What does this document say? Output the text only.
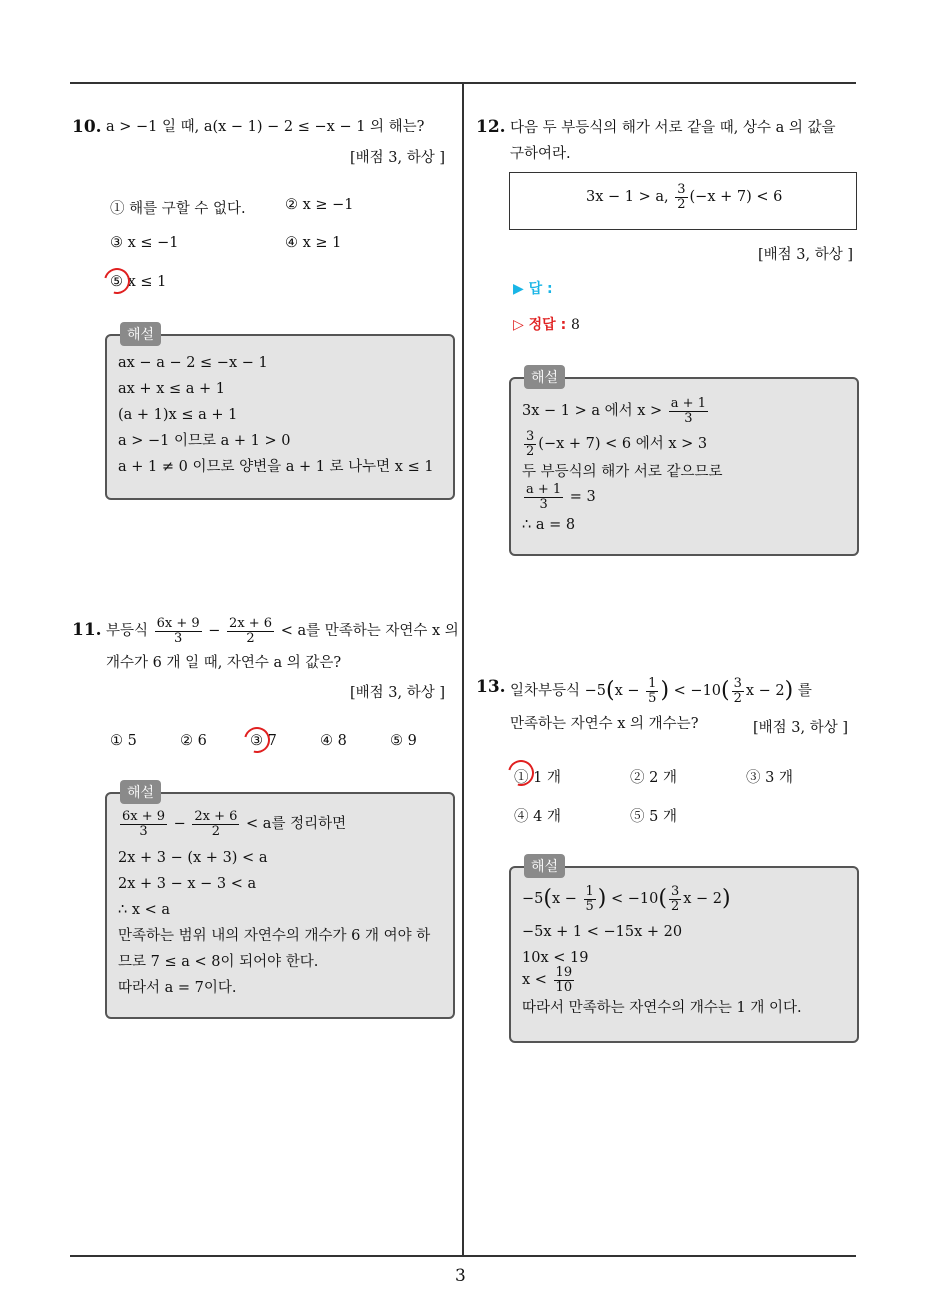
3
10. a > −1 일 때, a(x − 1) − 2 ≤ −x − 1 의 해는?
[배점 3, 하상 ]
① 해를 구할 수 없다.	② x ≥ −1
③ x ≤ −1	④ x ≥ 1
⑤ x ≤ 1
해설
ax − a − 2 ≤ −x − 1
ax + x ≤ a + 1
(a + 1)x ≤ a + 1
a > −1 이므로 a + 1 > 0
a + 1 ≠ 0 이므로 양변을 a + 1 로 나누면 x ≤ 1
11. 부등식 $\frac{6x + 9}{3} - \frac{2x + 6}{2} < a$를 만족하는 자연수 x 의
개수가 6 개 일 때, 자연수 a 의 값은?
[배점 3, 하상 ]
① 5	② 6	③ 7	④ 8	⑤ 9
해설
$\frac{6x + 9}{3} - \frac{2x + 6}{2} < a$를 정리하면
2x + 3 − (x + 3) < a
2x + 3 − x − 3 < a
∴ x < a
만족하는 범위 내의 자연수의 개수가 6 개 여야 하
므로 7 ≤ a < 8이 되어야 한다.
따라서 a = 7이다.
12. 다음 두 부등식의 해가 서로 같을 때, 상수 a 의 값을
구하여라.
3x − 1 > a, $\frac{3}{2} (-x + 7) < 6$
[배점 3, 하상 ]
▶ 답 :
▷ 정답 : 8
해설
3x − 1 > a 에서 $x > \frac{a + 1}{3}$
$\frac{3}{2} (-x + 7) < 6$ 에서 x > 3
두 부등식의 해가 서로 같으므로
$\frac{a + 1}{3} = 3$
∴ a = 8
13. 일차부등식 $-5(x - \frac{1}{5}$ ) < $-10( \frac{3}{2}$ x − 2) 를
만족하는 자연수 x 의 개수는?	[배점 3, 하상 ]
① 1 개	② 2 개	③ 3 개
④ 4 개	⑤ 5 개
해설
$-5(x - \frac{1}{5}$ ) < $-10( \frac{3}{2}$ x − 2)
−5x + 1 < −15x + 20
10x < 19
$x < \frac{19}{10}$
따라서 만족하는 자연수의 개수는 1 개 이다.
